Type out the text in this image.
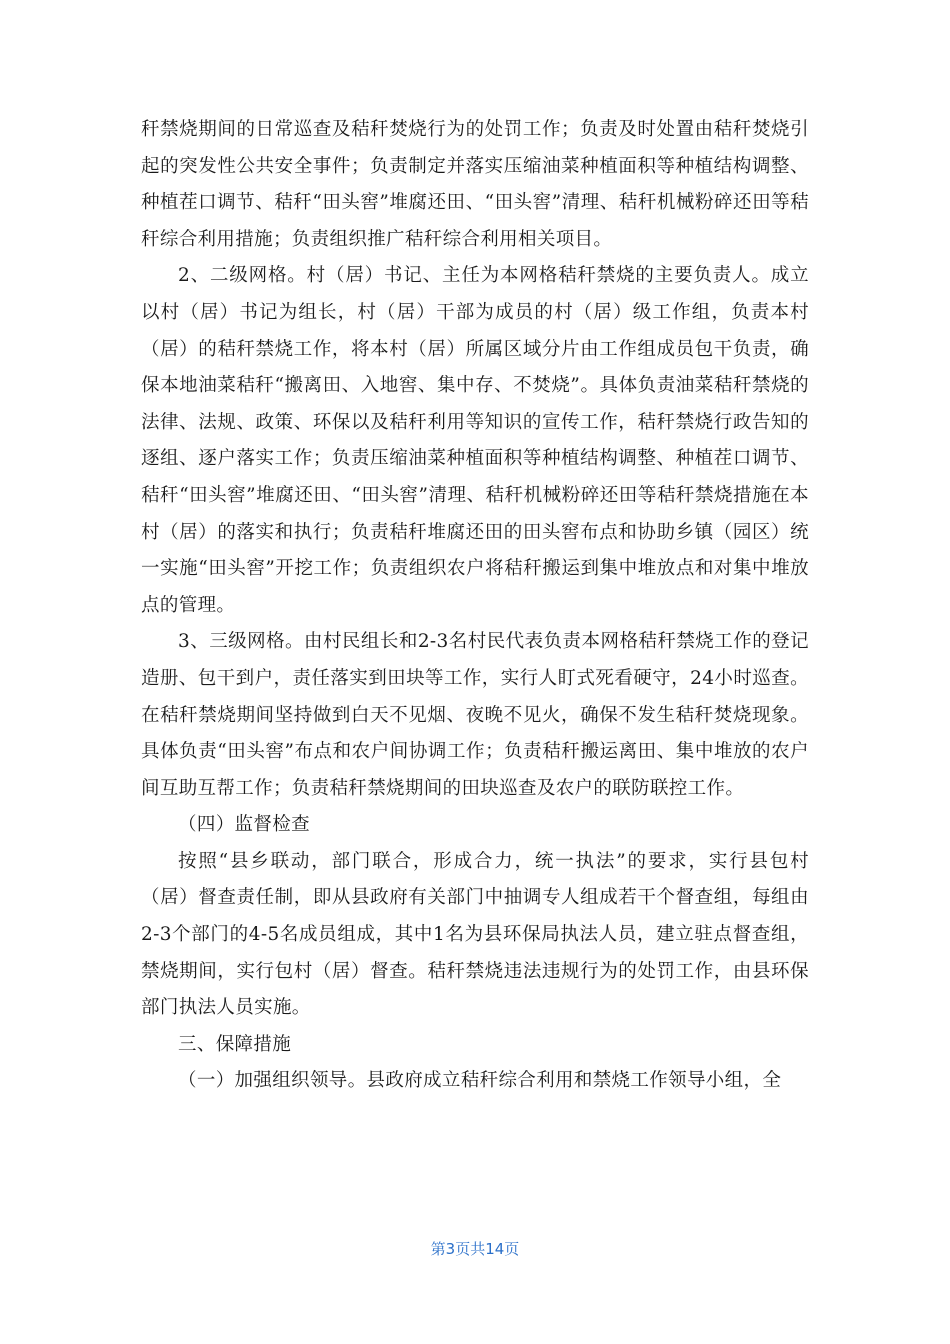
秆禁烧期间的日常巡查及秸秆焚烧行为的处罚工作；负责及时处置由秸秆焚烧引起的突发性公共安全事件；负责制定并落实压缩油菜种植面积等种植结构调整、种植茬口调节、秸秆“田头窖”堆腐还田、“田头窖”清理、秸秆机械粉碎还田等秸秆综合利用措施；负责组织推广秸秆综合利用相关项目。

2、二级网格。村（居）书记、主任为本网格秸秆禁烧的主要负责人。成立以村（居）书记为组长，村（居）干部为成员的村（居）级工作组，负责本村（居）的秸秆禁烧工作，将本村（居）所属区域分片由工作组成员包干负责，确保本地油菜秸秆“搬离田、入地窖、集中存、不焚烧”。具体负责油菜秸秆禁烧的法律、法规、政策、环保以及秸秆利用等知识的宣传工作，秸秆禁烧行政告知的逐组、逐户落实工作；负责压缩油菜种植面积等种植结构调整、种植茬口调节、秸秆“田头窖”堆腐还田、“田头窖”清理、秸秆机械粉碎还田等秸秆禁烧措施在本村（居）的落实和执行；负责秸秆堆腐还田的田头窖布点和协助乡镇（园区）统一实施“田头窖”开挖工作；负责组织农户将秸秆搬运到集中堆放点和对集中堆放点的管理。

3、三级网格。由村民组长和2-3名村民代表负责本网格秸秆禁烧工作的登记造册、包干到户，责任落实到田块等工作，实行人盯式死看硬守，24小时巡查。在秸秆禁烧期间坚持做到白天不见烟、夜晚不见火，确保不发生秸秆焚烧现象。具体负责“田头窖”布点和农户间协调工作；负责秸秆搬运离田、集中堆放的农户间互助互帮工作；负责秸秆禁烧期间的田块巡查及农户的联防联控工作。

（四）监督检查

按照“县乡联动，部门联合，形成合力，统一执法”的要求，实行县包村（居）督查责任制，即从县政府有关部门中抽调专人组成若干个督查组，每组由2-3个部门的4-5名成员组成，其中1名为县环保局执法人员，建立驻点督查组，禁烧期间，实行包村（居）督查。秸秆禁烧违法违规行为的处罚工作，由县环保部门执法人员实施。

三、保障措施

（一）加强组织领导。县政府成立秸秆综合利用和禁烧工作领导小组，全

第3页共14页
